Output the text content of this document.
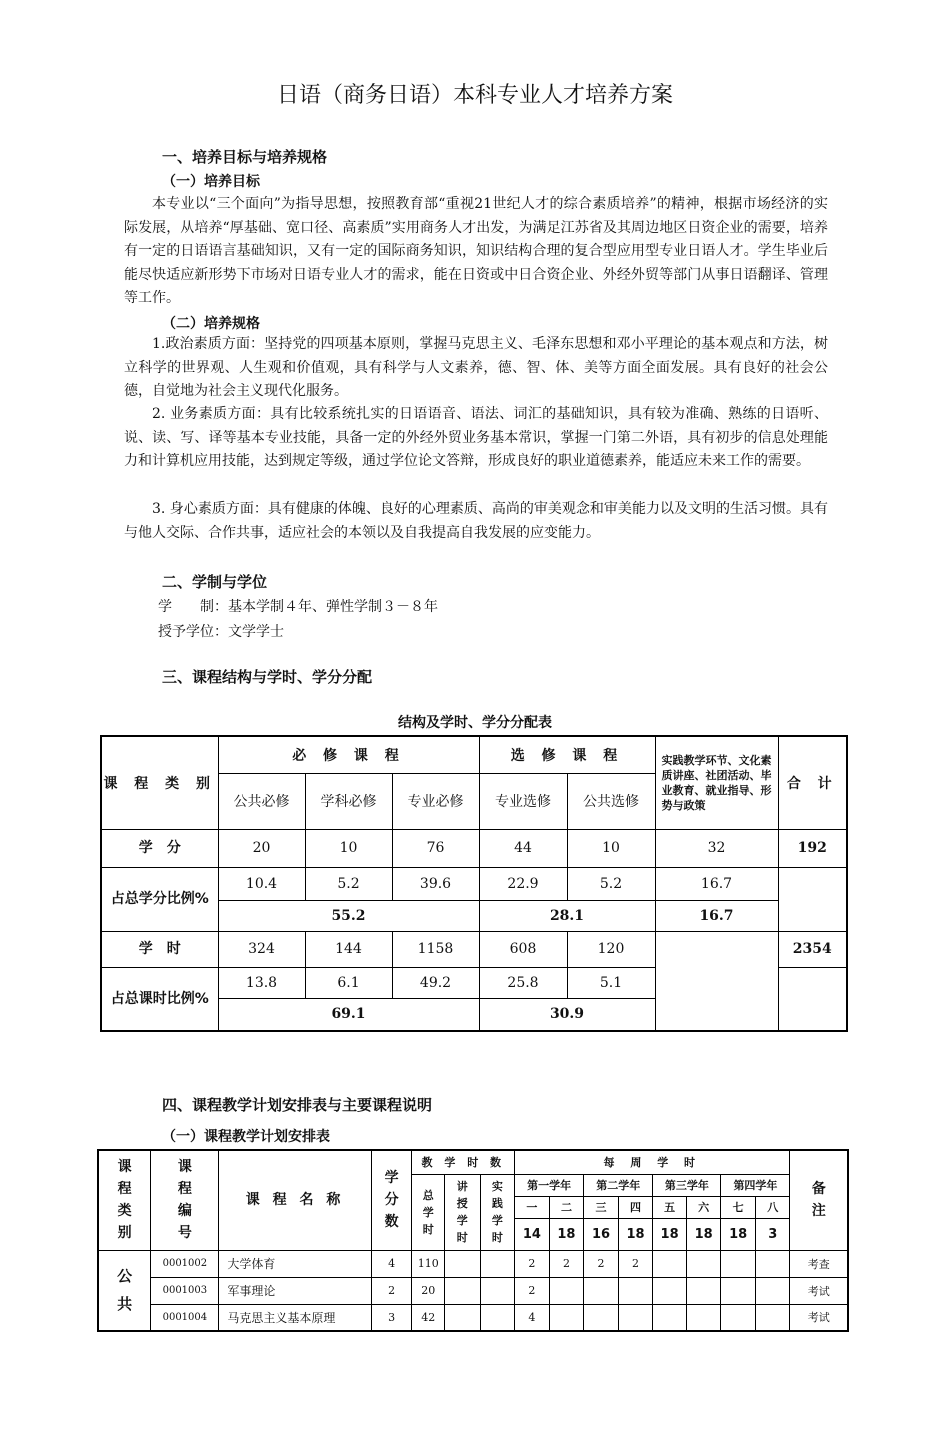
日语（商务日语）本科专业人才培养方案
一、培养目标与培养规格
（一）培养目标

本专业以“三个面向”为指导思想，按照教育部“重视21世纪人才的综合素质培养”的精神，根据市场经济的实际发展，从培养“厚基础、宽口径、高素质”实用商务人才出发，为满足江苏省及其周边地区日资企业的需要，培养有一定的日语语言基础知识，又有一定的国际商务知识，知识结构合理的复合型应用型专业日语人才。学生毕业后能尽快适应新形势下市场对日语专业人才的需求，能在日资或中日合资企业、外经外贸等部门从事日语翻译、管理等工作。

（二）培养规格

1.政治素质方面：坚持党的四项基本原则，掌握马克思主义、毛泽东思想和邓小平理论的基本观点和方法，树立科学的世界观、人生观和价值观，具有科学与人文素养，德、智、体、美等方面全面发展。具有良好的社会公德，自觉地为社会主义现代化服务。

2. 业务素质方面：具有比较系统扎实的日语语音、语法、词汇的基础知识，具有较为准确、熟练的日语听、说、读、写、译等基本专业技能，具备一定的外经外贸业务基本常识，掌握一门第二外语，具有初步的信息处理能力和计算机应用技能，达到规定等级，通过学位论文答辩，形成良好的职业道德素养，能适应未来工作的需要。

3. 身心素质方面：具有健康的体魄、良好的心理素质、高尚的审美观念和审美能力以及文明的生活习惯。具有与他人交际、合作共事，适应社会的本领以及自我提高自我发展的应变能力。

二、学制与学位
学　　制：基本学制４年、弹性学制３－８年
授予学位：文学学士
三、课程结构与学时、学分分配
结构及学时、学分分配表
课 程 类 别	必 修 课 程			选 修 课 程		实践教学环节、文化素质讲座、社团活动、毕业教育、就业指导、形势与政策	合 计
	公共必修	学科必修	专业必修	专业选修	公共选修		
学　分	20	10	76	44	10	32	192
占总学分比例%	10.4	5.2	39.6	22.9	5.2	16.7	
	55.2			28.1		16.7	
学　时	324	144	1158	608	120		2354
占总课时比例%	13.8	6.1	49.2	25.8	5.1		
	69.1			30.9			
四、课程教学计划安排表与主要课程说明
（一）课程教学计划安排表
课程类别	课程编号	课 程 名 称	学分数	教 学 时 数			每 周 学 时								备注
				总学时	讲授学时	实践学时	第一学年		第二学年		第三学年		第四学年		
							一	二	三	四	五	六	七	八	
							14	18	16	18	18	18	18	3	
公共	0001002	大学体育	4	110			2	2	2	2					考查
	0001003	军事理论	2	20			2								考试
	0001004	马克思主义基本原理	3	42			4								考试
